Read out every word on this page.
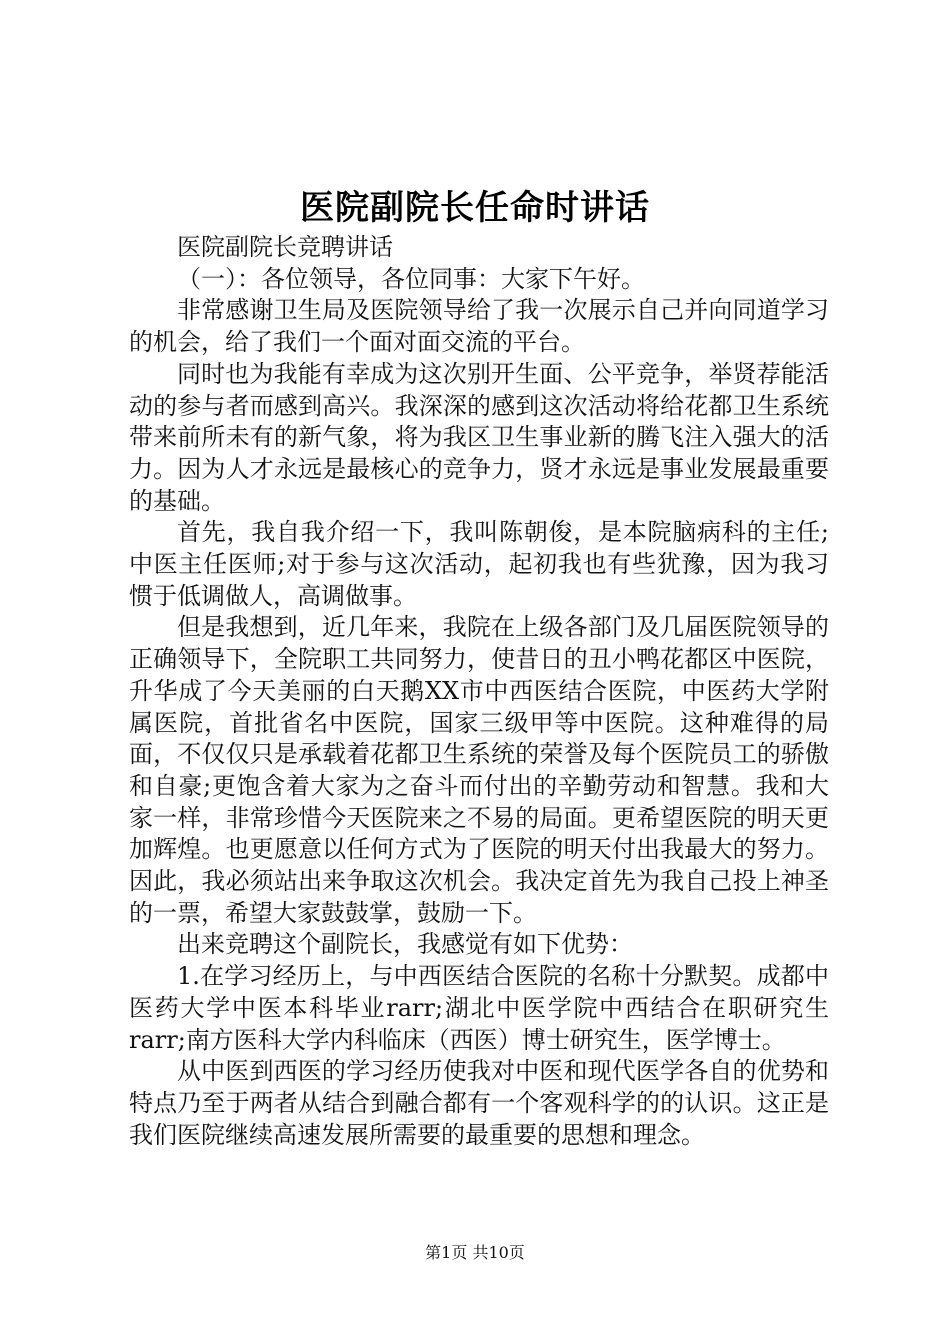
医院副院长任命时讲话

医院副院长竞聘讲话

（一）：各位领导，各位同事：大家下午好。

非常感谢卫生局及医院领导给了我一次展示自己并向同道学习的机会，给了我们一个面对面交流的平台。

同时也为我能有幸成为这次别开生面、公平竞争，举贤荐能活动的参与者而感到高兴。我深深的感到这次活动将给花都卫生系统带来前所未有的新气象，将为我区卫生事业新的腾飞注入强大的活力。因为人才永远是最核心的竞争力，贤才永远是事业发展最重要的基础。

首先，我自我介绍一下，我叫陈朝俊，是本院脑病科的主任;中医主任医师;对于参与这次活动，起初我也有些犹豫，因为我习惯于低调做人，高调做事。

但是我想到，近几年来，我院在上级各部门及几届医院领导的正确领导下，全院职工共同努力，使昔日的丑小鸭花都区中医院，升华成了今天美丽的白天鹅XX市中西医结合医院，中医药大学附属医院，首批省名中医院，国家三级甲等中医院。这种难得的局面，不仅仅只是承载着花都卫生系统的荣誉及每个医院员工的骄傲和自豪;更饱含着大家为之奋斗而付出的辛勤劳动和智慧。我和大家一样，非常珍惜今天医院来之不易的局面。更希望医院的明天更加辉煌。也更愿意以任何方式为了医院的明天付出我最大的努力。因此，我必须站出来争取这次机会。我决定首先为我自己投上神圣的一票，希望大家鼓鼓掌，鼓励一下。

出来竞聘这个副院长，我感觉有如下优势：

1.在学习经历上，与中西医结合医院的名称十分默契。成都中医药大学中医本科毕业rarr;湖北中医学院中西结合在职研究生rarr;南方医科大学内科临床（西医）博士研究生，医学博士。

从中医到西医的学习经历使我对中医和现代医学各自的优势和特点乃至于两者从结合到融合都有一个客观科学的的认识。这正是我们医院继续高速发展所需要的最重要的思想和理念。

第1页 共10页
